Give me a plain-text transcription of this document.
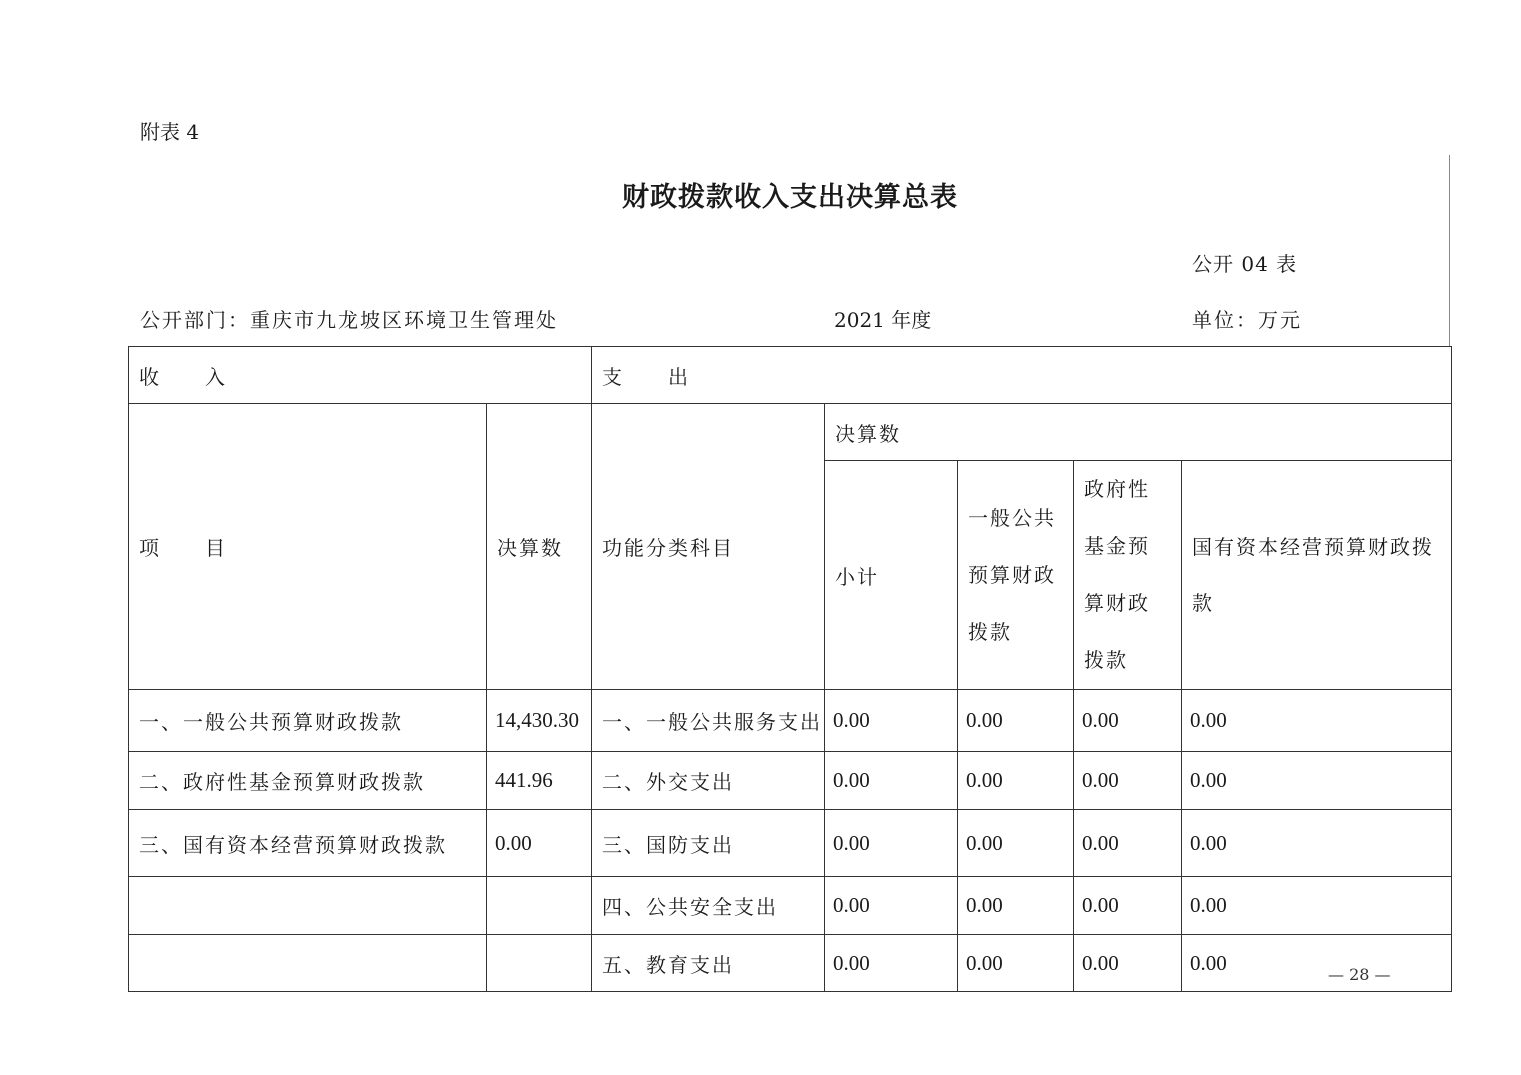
附表 4
财政拨款收入支出决算总表
公开 04 表
公开部门：重庆市九龙坡区环境卫生管理处	2021 年度	单位：万元
收　　入		支　　出				
项　　目	决算数	功能分类科目	决算数			
			小计	一般公共预算财政拨款	政府性基金预算财政拨款	国有资本经营预算财政拨款
一、一般公共预算财政拨款	14,430.30	一、一般公共服务支出	0.00	0.00	0.00	0.00
二、政府性基金预算财政拨款	441.96	二、外交支出	0.00	0.00	0.00	0.00
三、国有资本经营预算财政拨款	0.00	三、国防支出	0.00	0.00	0.00	0.00
		四、公共安全支出	0.00	0.00	0.00	0.00
		五、教育支出	0.00	0.00	0.00	0.00	— 28 —
